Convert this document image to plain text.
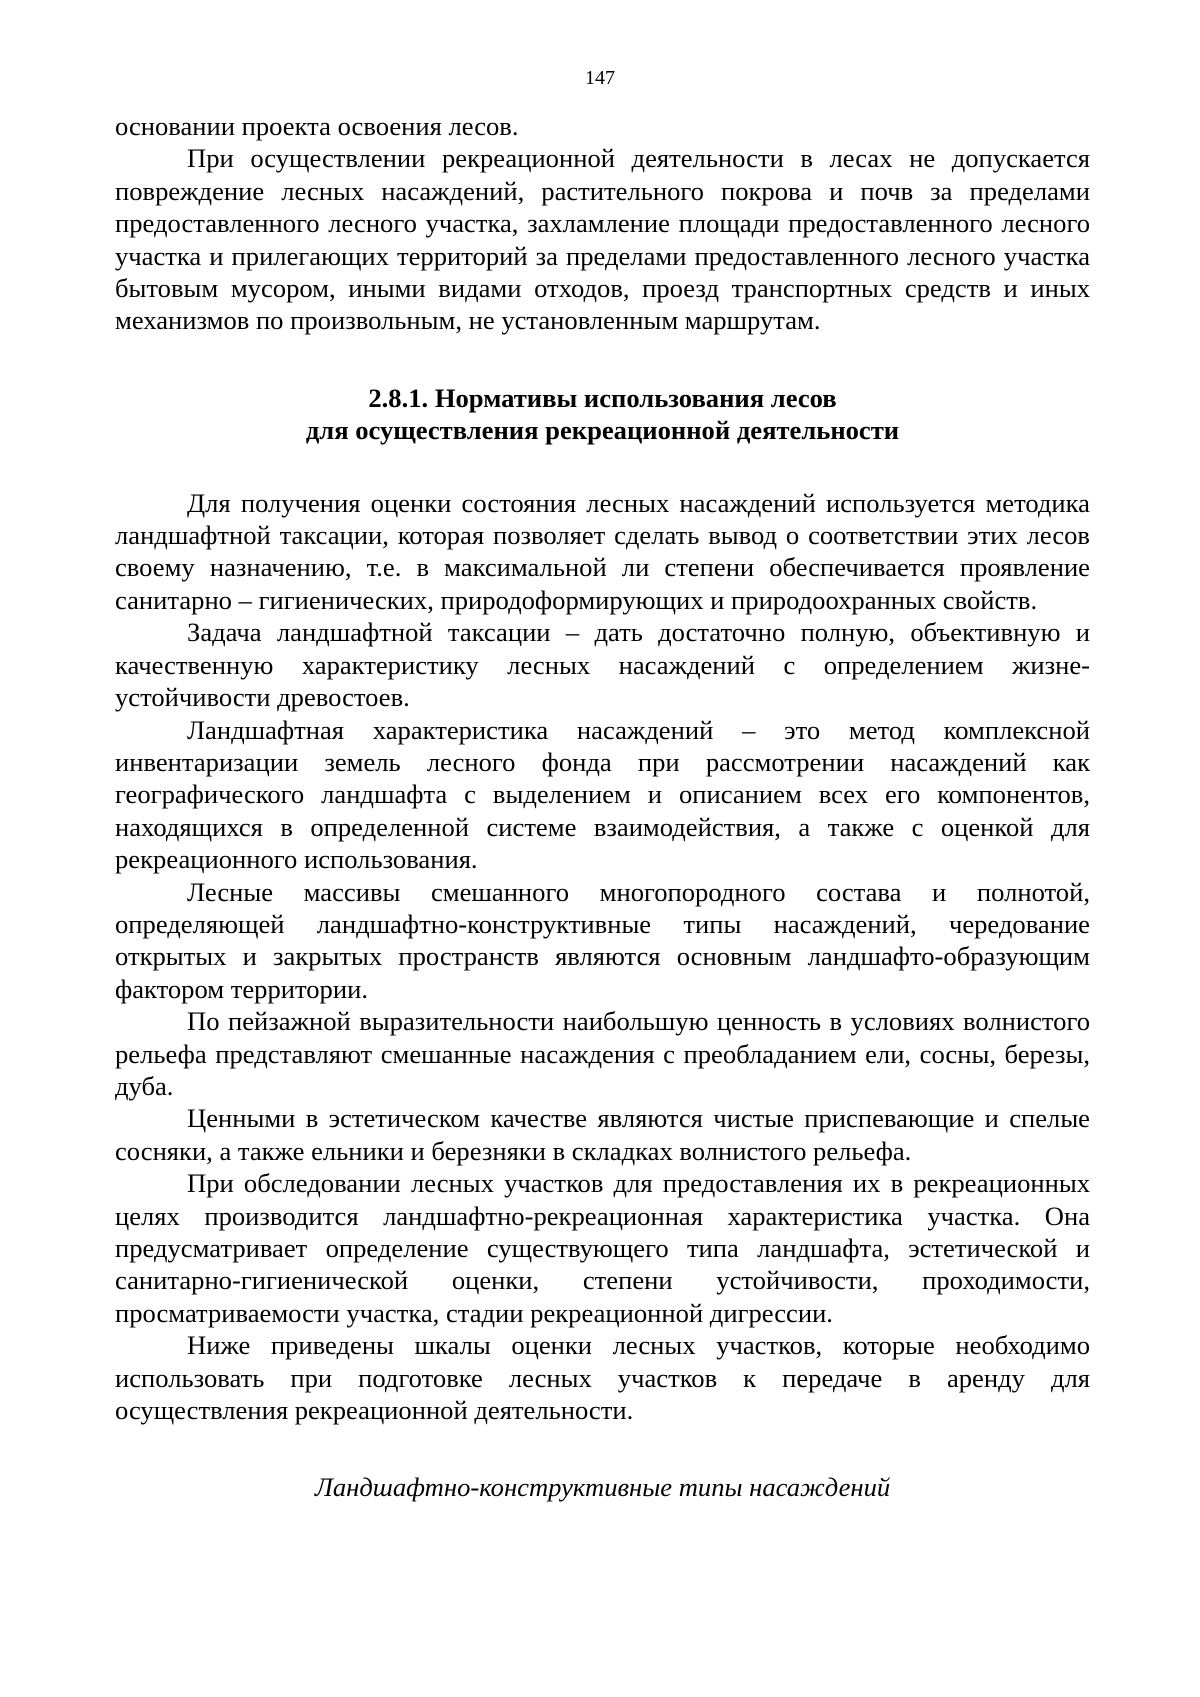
147

основании проекта освоения лесов.

При осуществлении рекреационной деятельности в лесах не допускается повреждение лесных насаждений, растительного покрова и почв за пределами предоставленного лесного участка, захламление площади предоставленного лесного участка и прилегающих территорий за пределами предоставленного лесного участка бытовым мусором, иными видами отходов, проезд транспортных средств и иных механизмов по произвольным, не установленным маршрутам.

2.8.1. Нормативы использования лесов
для осуществления рекреационной деятельности

Для получения оценки состояния лесных насаждений используется методика ландшафтной таксации, которая позволяет сделать вывод о соответствии этих лесов своему назначению, т.е. в максимальной ли степени обеспечивается проявление санитарно – гигиенических, природоформирующих и природоохранных свойств.

Задача ландшафтной таксации – дать достаточно полную, объективную и качественную характеристику лесных насаждений с определением жизне-устойчивости древостоев.

Ландшафтная характеристика насаждений – это метод комплексной инвентаризации земель лесного фонда при рассмотрении насаждений как географического ландшафта с выделением и описанием всех его компонентов, находящихся в определенной системе взаимодействия, а также с оценкой для рекреационного использования.

Лесные массивы смешанного многопородного состава и полнотой, определяющей ландшафтно-конструктивные типы насаждений, чередование открытых и закрытых пространств являются основным ландшафто-образующим фактором территории.

По пейзажной выразительности наибольшую ценность в условиях волнистого рельефа представляют смешанные насаждения с преобладанием ели, сосны, березы, дуба.

Ценными в эстетическом качестве являются чистые приспевающие и спелые сосняки, а также ельники и березняки в складках волнистого рельефа.

При обследовании лесных участков для предоставления их в рекреационных целях производится ландшафтно-рекреационная характеристика участка. Она предусматривает определение существующего типа ландшафта, эстетической и санитарно-гигиенической оценки, степени устойчивости, проходимости, просматриваемости участка, стадии рекреационной дигрессии.

Ниже приведены шкалы оценки лесных участков, которые необходимо использовать при подготовке лесных участков к передаче в аренду для осуществления рекреационной деятельности.

Ландшафтно-конструктивные типы насаждений
